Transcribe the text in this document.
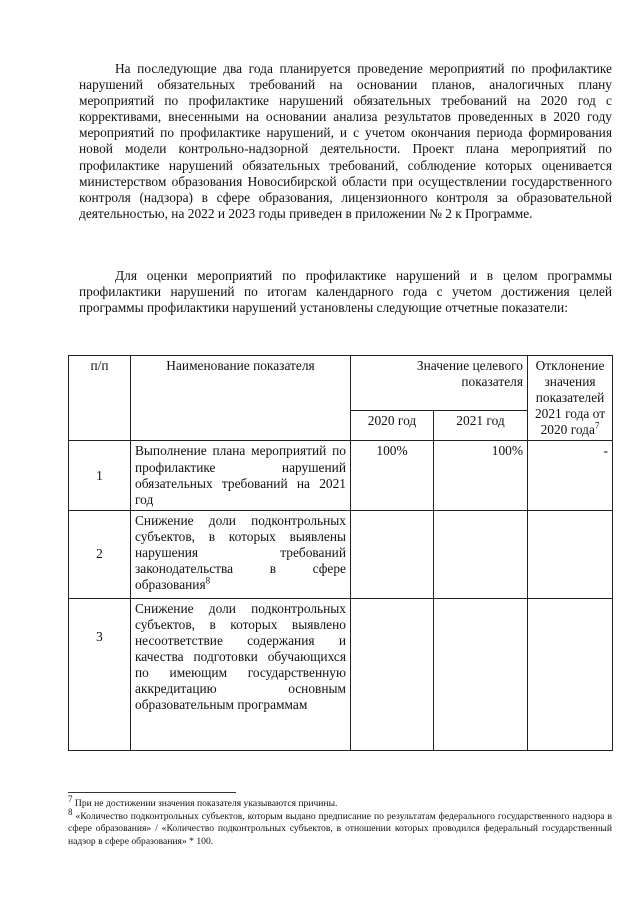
На последующие два года планируется проведение мероприятий по профилактике нарушений обязательных требований на основании планов, аналогичных плану мероприятий по профилактике нарушений обязательных требований на 2020 год с коррективами, внесенными на основании анализа результатов проведенных в 2020 году мероприятий по профилактике нарушений, и с учетом окончания периода формирования новой модели контрольно-надзорной деятельности. Проект плана мероприятий по профилактике нарушений обязательных требований, соблюдение которых оценивается министерством образования Новосибирской области при осуществлении государственного контроля (надзора) в сфере образования, лицензионного контроля за образовательной деятельностью, на 2022 и 2023 годы приведен в приложении № 2 к Программе.

Для оценки мероприятий по профилактике нарушений и в целом программы профилактики нарушений по итогам календарного года с учетом достижения целей программы профилактики нарушений установлены следующие отчетные показатели:

п/п	Наименование показателя	Значение целевого показателя		Отклонение значения показателей 2021 года от 2020 года$^7$
		2020 год	2021 год	
1	Выполнение плана мероприятий по профилактике нарушений обязательных требований на 2021 год	100%	100%	-
2	Снижение доли подконтрольных субъектов, в которых выявлены нарушения требований законодательства в сфере образования$^8$			
3	Снижение доли подконтрольных субъектов, в которых выявлено несоответствие содержания и качества подготовки обучающихся по имеющим государственную аккредитацию основным образовательным программам			

$^7$ При не достижении значения показателя указываются причины.

$^8$ «Количество подконтрольных субъектов, которым выдано предписание по результатам федерального государственного надзора в сфере образования» / «Количество подконтрольных субъектов, в отношении которых проводился федеральный государственный надзор в сфере образования» * 100.
